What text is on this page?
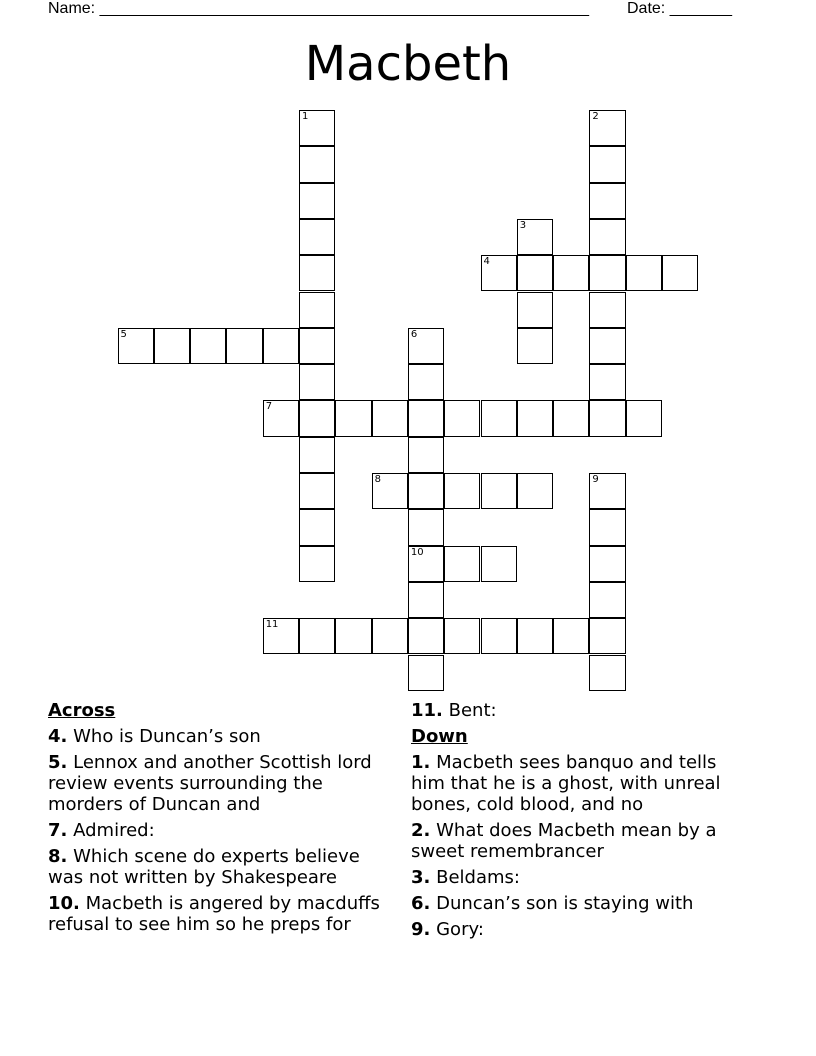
Name: _______________________________________________________ Date: _______
Macbeth
1	2
3
4
5	6
10
7
8	9
11
Across
4. Who is Duncan’s son
5. Lennox and another Scottish lord review events surrounding the morders of Duncan and
7. Admired:
8. Which scene do experts believe was not written by Shakespeare
10. Macbeth is angered by macduffs refusal to see him so he preps for
11. Bent:
Down
1. Macbeth sees banquo and tells him that he is a ghost, with unreal bones, cold blood, and no
2. What does Macbeth mean by a sweet remembrancer
3. Beldams:
6. Duncan’s son is staying with
9. Gory:
